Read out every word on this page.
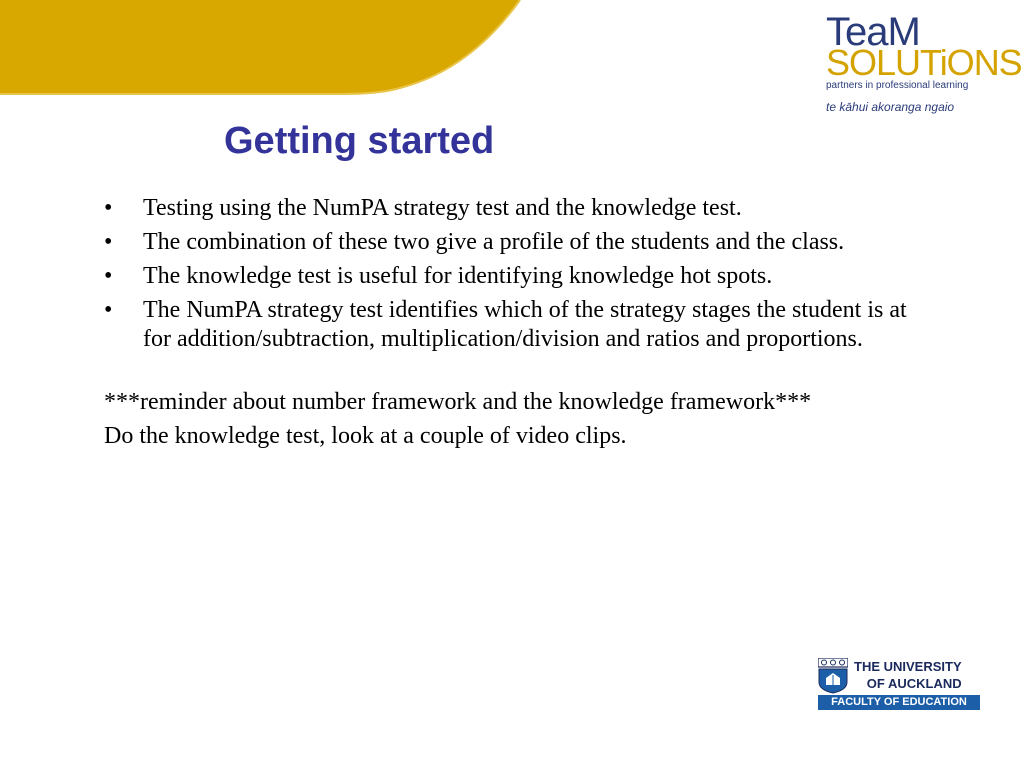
TeaM
SOLUTiONS
partners in professional learning
te kāhui akoranga ngaio
Getting started
• Testing using the NumPA strategy test and the knowledge test.
• The combination of these two give a profile of the students and the class.
• The knowledge test is useful for identifying knowledge hot spots.
• The NumPA strategy test identifies which of the strategy stages the student is at for addition/subtraction, multiplication/division and ratios and proportions.

***reminder about number framework and the knowledge framework***

Do the knowledge test, look at a couple of video clips.

THE UNIVERSITY
OF AUCKLAND
FACULTY OF EDUCATION
